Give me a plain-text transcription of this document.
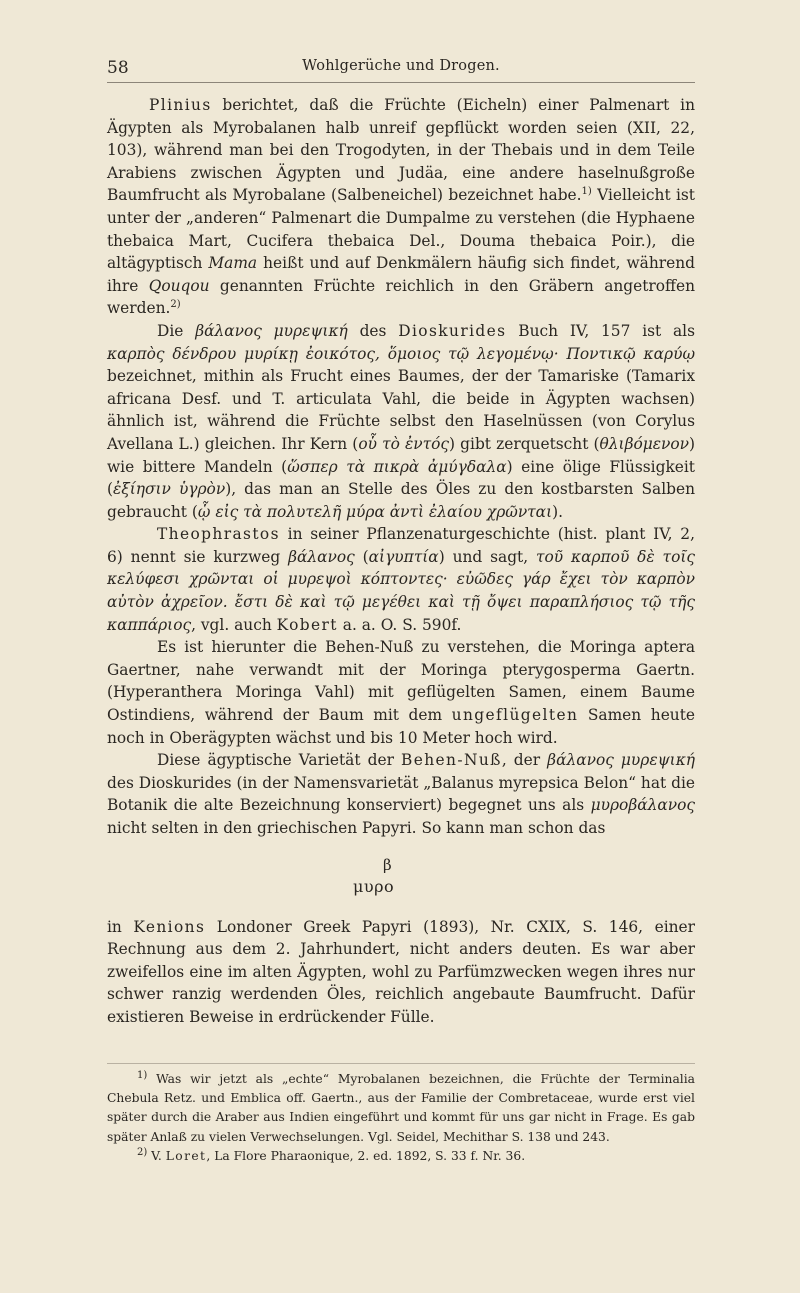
58	Wohlgerüche und Drogen.

Plinius berichtet, daß die Früchte (Eicheln) einer Palmenart in Ägypten als Myrobalanen halb unreif gepflückt worden seien (XII, 22, 103), während man bei den Trogodyten, in der Thebais und in dem Teile Arabiens zwischen Ägypten und Judäa, eine andere haselnußgroße Baumfrucht als Myrobalane (Salbeneichel) bezeichnet habe.$^{1)}$ Vielleicht ist unter der „anderen“ Palmenart die Dumpalme zu verstehen (die Hyphaene thebaica Mart, Cucifera thebaica Del., Douma thebaica Poir.), die altägyptisch Mama heißt und auf Denkmälern häufig sich findet, während ihre Qouqou genannten Früchte reichlich in den Gräbern angetroffen werden.$^{2)}$

Die βάλανος μυρεψική des Dioskurides Buch IV, 157 ist als καρπὸς δένδρου μυρίκῃ ἐοικότος, ὅμοιος τῷ λεγομένῳ· Ποντικῷ καρύῳ bezeichnet, mithin als Frucht eines Baumes, der der Tamariske (Tamarix africana Desf. und T. articulata Vahl, die beide in Ägypten wachsen) ähnlich ist, während die Früchte selbst den Haselnüssen (von Corylus Avellana L.) gleichen. Ihr Kern (οὗ τὸ ἐντός) gibt zerquetscht (θλιβόμενον) wie bittere Mandeln (ὥσπερ τὰ πικρὰ ἀμύγδαλα) eine ölige Flüssigkeit (ἐξίησιν ὑγρὸν), das man an Stelle des Öles zu den kostbarsten Salben gebraucht (ᾧ εἰς τὰ πολυτελῆ μύρα ἀντὶ ἐλαίου χρῶνται).

Theophrastos in seiner Pflanzenaturgeschichte (hist. plant IV, 2, 6) nennt sie kurzweg βάλανος (αἰγυπτία) und sagt, τοῦ καρποῦ δὲ τοῖς κελύφεσι χρῶνται οἱ μυρεψοὶ κόπτοντες· εὐῶδες γάρ ἔχει τὸν καρπὸν αὐτὸν ἀχρεῖον. ἔστι δὲ καὶ τῷ μεγέθει καὶ τῇ ὄψει παραπλήσιος τῷ τῆς καππάριος, vgl. auch Kobert a. a. O. S. 590f.

Es ist hierunter die Behen-Nuß zu verstehen, die Moringa aptera Gaertner, nahe verwandt mit der Moringa pterygosperma Gaertn. (Hyperanthera Moringa Vahl) mit geflügelten Samen, einem Baume Ostindiens, während der Baum mit dem ungeflügelten Samen heute noch in Oberägypten wächst und bis 10 Meter hoch wird.

Diese ägyptische Varietät der Behen-Nuß, der βάλανος μυρεψική des Dioskurides (in der Namensvarietät „Balanus myrepsica Belon“ hat die Botanik die alte Bezeichnung konserviert) begegnet uns als μυροβάλανος nicht selten in den griechischen Papyri. So kann man schon das

β
μυρο

in Kenions Londoner Greek Papyri (1893), Nr. CXIX, S. 146, einer Rechnung aus dem 2. Jahrhundert, nicht anders deuten. Es war aber zweifellos eine im alten Ägypten, wohl zu Parfümzwecken wegen ihres nur schwer ranzig werdenden Öles, reichlich angebaute Baumfrucht. Dafür existieren Beweise in erdrückender Fülle.

$^{1)}$ Was wir jetzt als „echte“ Myrobalanen bezeichnen, die Früchte der Terminalia Chebula Retz. und Emblica off. Gaertn., aus der Familie der Combretaceae, wurde erst viel später durch die Araber aus Indien eingeführt und kommt für uns gar nicht in Frage. Es gab später Anlaß zu vielen Verwechselungen. Vgl. Seidel, Mechithar S. 138 und 243.

$^{2)}$ V. Loret, La Flore Pharaonique, 2. ed. 1892, S. 33 f. Nr. 36.
